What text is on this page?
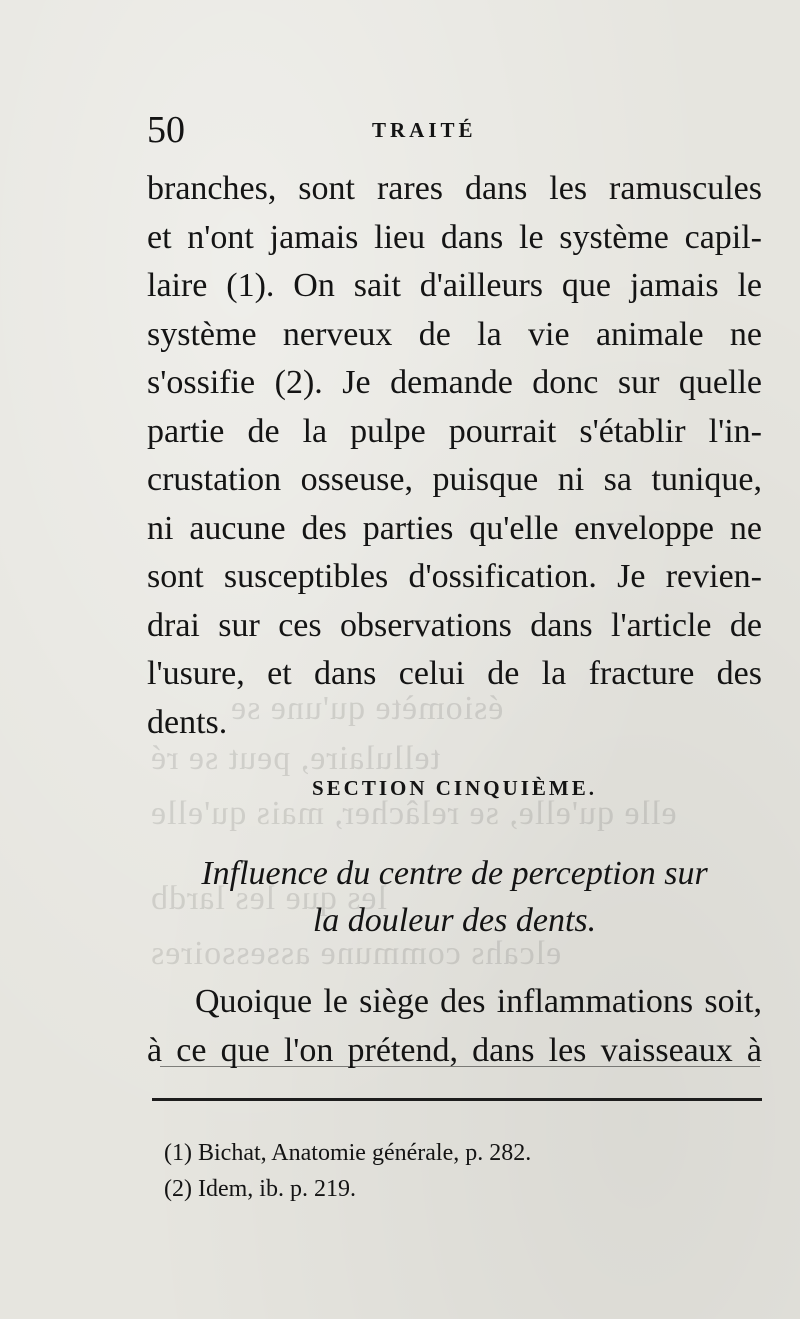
ésiomète qu'une se
tellulaire, peut se ré
elle qu'elle, se relâcher, mais qu'elle
les que les lardb
elcahs commune assessoires
50	TRAITÉ
branches, sont rares dans les ramuscules
et n'ont jamais lieu dans le système capil-
laire (1). On sait d'ailleurs que jamais le
système nerveux de la vie animale ne
s'ossifie (2). Je demande donc sur quelle
partie de la pulpe pourrait s'établir l'in-
crustation osseuse, puisque ni sa tunique,
ni aucune des parties qu'elle enveloppe ne
sont susceptibles d'ossification. Je revien-
drai sur ces observations dans l'article de
l'usure, et dans celui de la fracture des
dents.
SECTION CINQUIÈME.
Influence du centre de perception sur
la douleur des dents.
Quoique le siège des inflammations soit,
à ce que l'on prétend, dans les vaisseaux à
(1) Bichat, Anatomie générale, p. 282.
(2) Idem, ib. p. 219.
